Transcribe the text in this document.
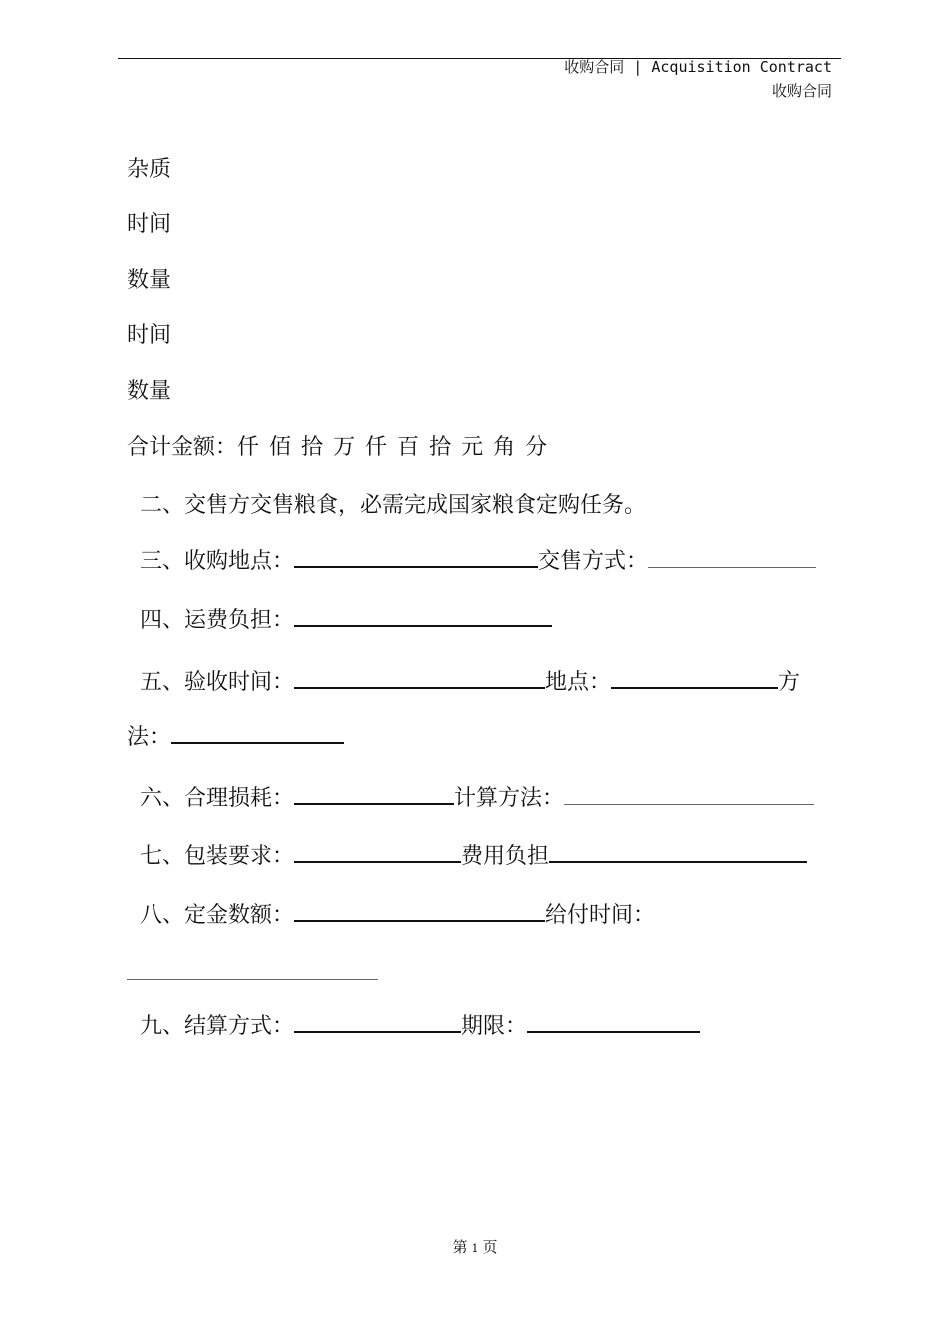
收购合同 | Acquisition Contract
收购合同
杂质
时间
数量
时间
数量
合计金额：仟 佰 拾 万 仟 百 拾 元 角 分
二、交售方交售粮食，必需完成国家粮食定购任务。
三、收购地点：	交售方式：
四、运费负担：
五、验收时间：	地点：	方
法：
六、合理损耗：	计算方法：
七、包装要求：	费用负担
八、定金数额：	给付时间：
九、结算方式：	期限：
第 1 页
